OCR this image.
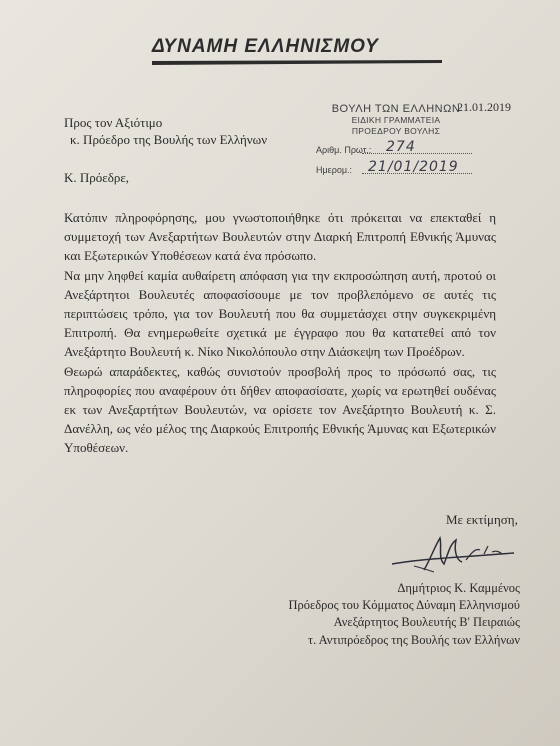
ΔΥΝΑΜΗ ΕΛΛΗΝΙΣΜΟΥ
21.01.2019
Προς τον Αξιότιμο
κ. Πρόεδρο της Βουλής των Ελλήνων
ΒΟΥΛΗ ΤΩΝ ΕΛΛΗΝΩΝ
ΕΙΔΙΚΗ ΓΡΑΜΜΑΤΕΙΑ
ΠΡΟΕΔΡΟΥ ΒΟΥΛΗΣ
Αριθμ. Πρωτ.: 274
Ημερομ.: 21/01/2019
Κ. Πρόεδρε,

Κατόπιν πληροφόρησης, μου γνωστοποιήθηκε ότι πρόκειται να επεκταθεί η συμμετοχή των Ανεξαρτήτων Βουλευτών στην Διαρκή Επιτροπή Εθνικής Άμυνας και Εξωτερικών Υποθέσεων κατά ένα πρόσωπο.

Να μην ληφθεί καμία αυθαίρετη απόφαση για την εκπροσώπηση αυτή, προτού οι Ανεξάρτητοι Βουλευτές αποφασίσουμε με τον προβλεπόμενο σε αυτές τις περιπτώσεις τρόπο, για τον Βουλευτή που θα συμμετάσχει στην συγκεκριμένη Επιτροπή. Θα ενημερωθείτε σχετικά με έγγραφο που θα κατατεθεί από τον Ανεξάρτητο Βουλευτή κ. Νίκο Νικολόπουλο στην Διάσκεψη των Προέδρων.

Θεωρώ απαράδεκτες, καθώς συνιστούν προσβολή προς το πρόσωπό σας, τις πληροφορίες που αναφέρουν ότι δήθεν αποφασίσατε, χωρίς να ερωτηθεί ουδένας εκ των Ανεξαρτήτων Βουλευτών, να ορίσετε τον Ανεξάρτητο Βουλευτή κ. Σ. Δανέλλη, ως νέο μέλος της Διαρκούς Επιτροπής Εθνικής Άμυνας και Εξωτερικών Υποθέσεων.

Με εκτίμηση,
Δημήτριος Κ. Καμμένος
Πρόεδρος του Κόμματος Δύναμη Ελληνισμού
Ανεξάρτητος Βουλευτής Β' Πειραιώς
τ. Αντιπρόεδρος της Βουλής των Ελλήνων
